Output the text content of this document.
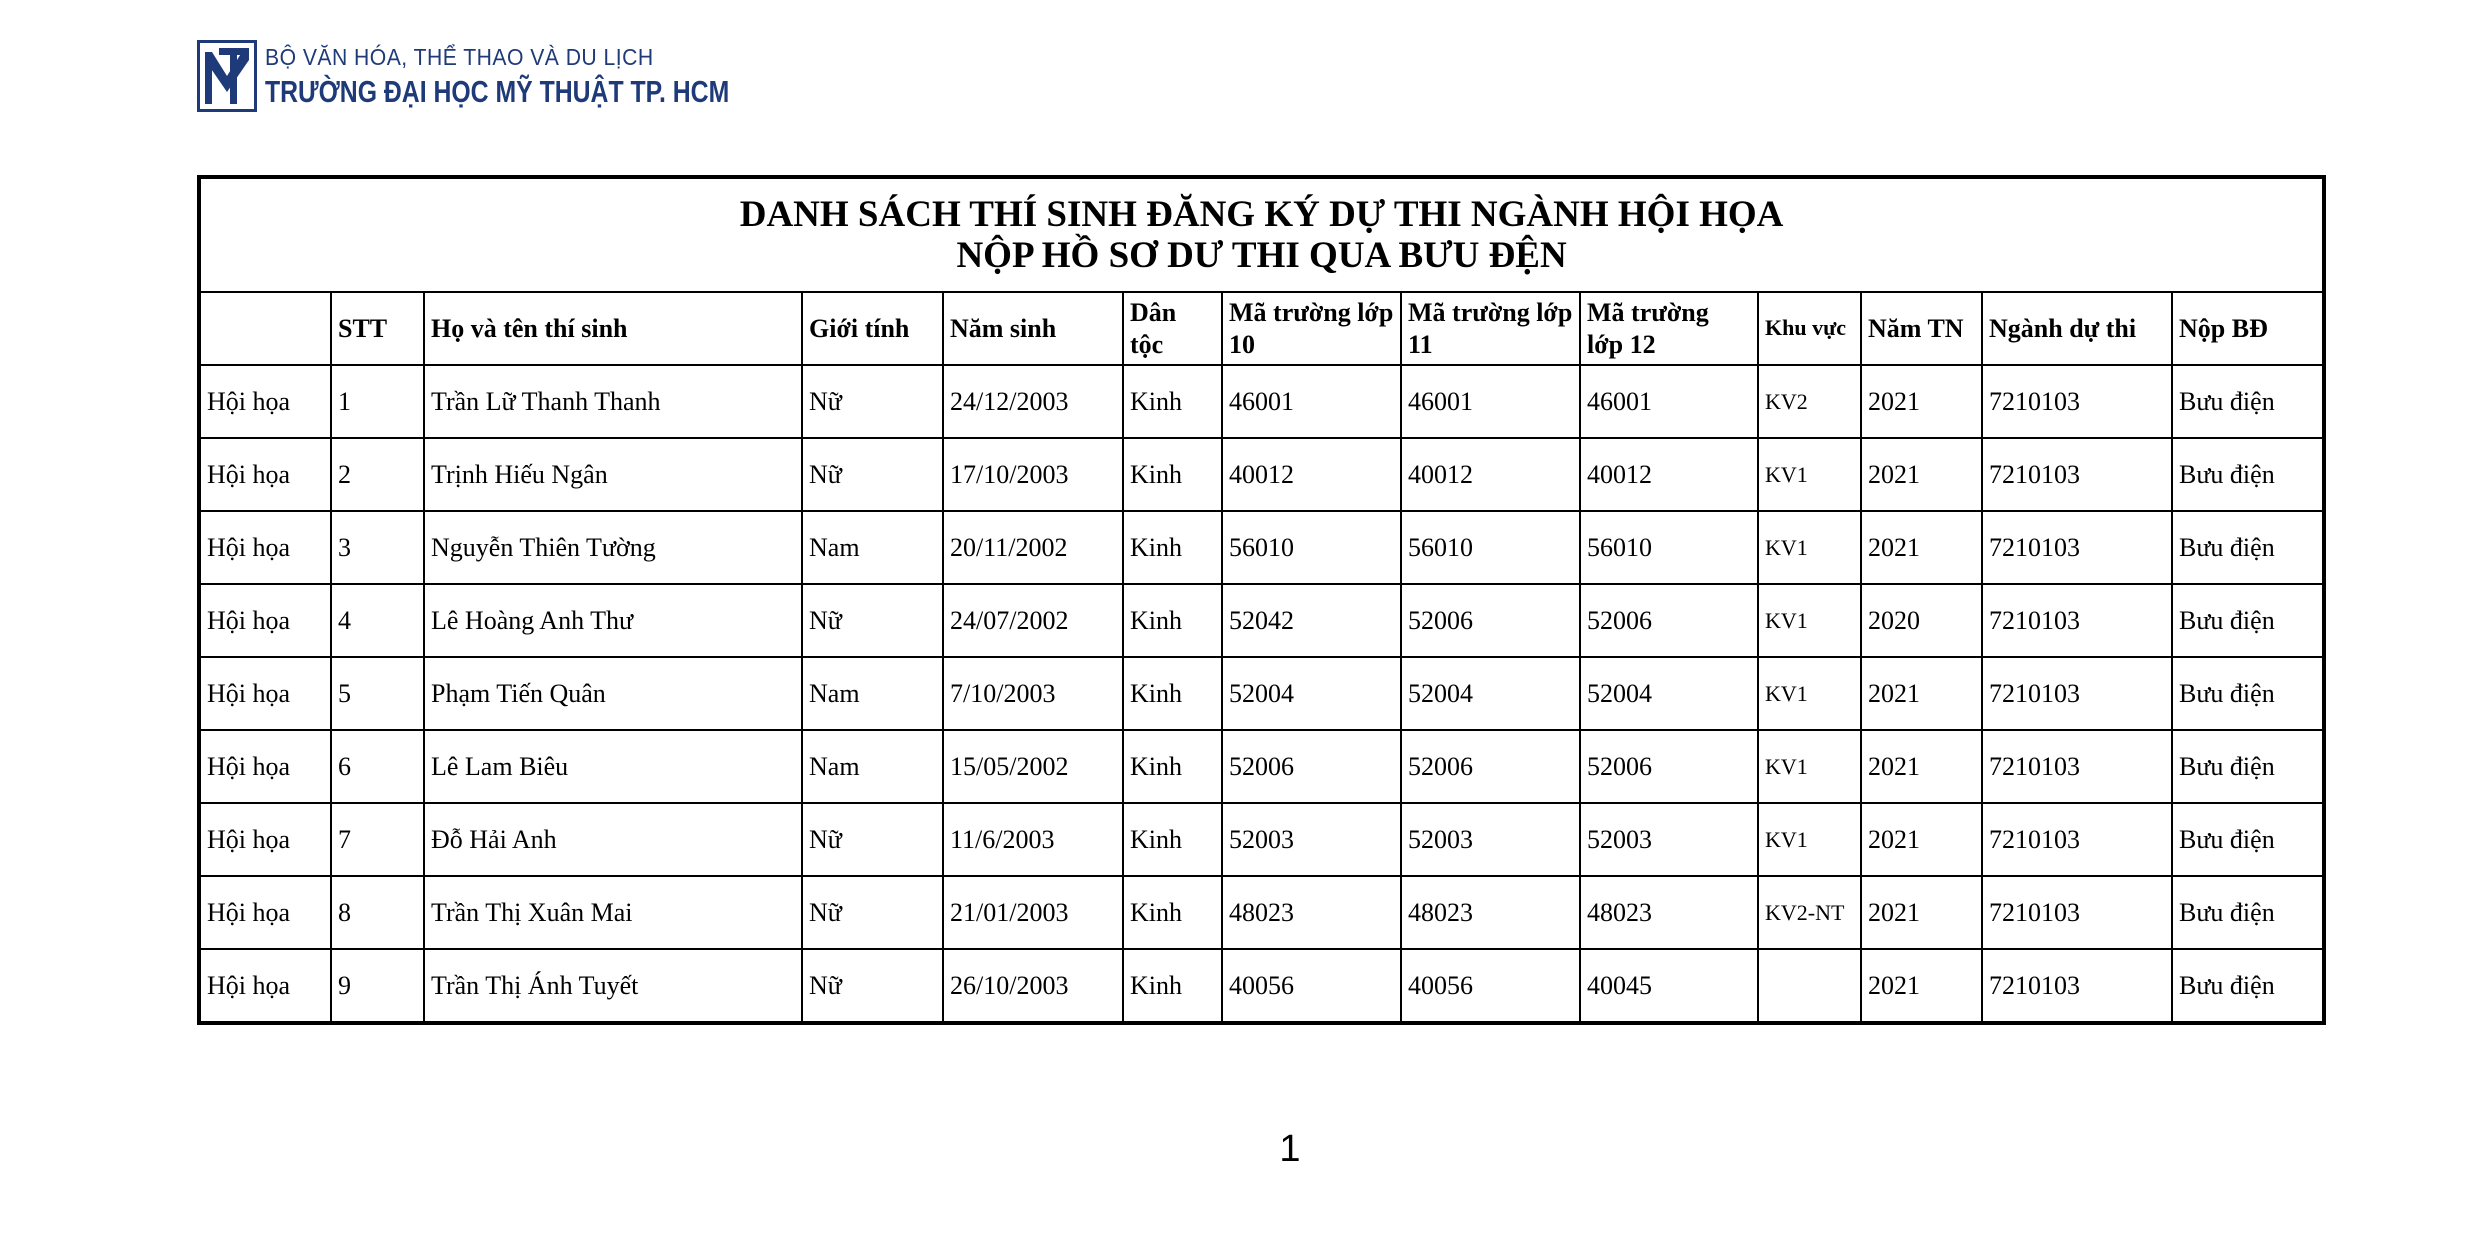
BỘ VĂN HÓA, THỂ THAO VÀ DU LỊCH
TRƯỜNG ĐẠI HỌC MỸ THUẬT TP. HCM
DANH SÁCH THÍ SINH ĐĂNG KÝ DỰ THI NGÀNH HỘI HỌA
NỘP HỒ SƠ DƯ THI QUA BƯU ĐỆN												

	STT	Họ và tên thí sinh	Giới tính	Năm sinh	Dân tộc	Mã trường lớp 10	Mã trường lớp 11	Mã trường lớp 12	Khu vực	Năm TN	Ngành dự thi	Nộp BĐ
Hội họa	1	Trần Lữ Thanh Thanh	Nữ	24/12/2003	Kinh	46001	46001	46001	KV2	2021	7210103	Bưu điện
Hội họa	2	Trịnh Hiếu Ngân	Nữ	17/10/2003	Kinh	40012	40012	40012	KV1	2021	7210103	Bưu điện
Hội họa	3	Nguyễn Thiên Tường	Nam	20/11/2002	Kinh	56010	56010	56010	KV1	2021	7210103	Bưu điện
Hội họa	4	Lê Hoàng Anh Thư	Nữ	24/07/2002	Kinh	52042	52006	52006	KV1	2020	7210103	Bưu điện
Hội họa	5	Phạm Tiến Quân	Nam	7/10/2003	Kinh	52004	52004	52004	KV1	2021	7210103	Bưu điện
Hội họa	6	Lê Lam Biêu	Nam	15/05/2002	Kinh	52006	52006	52006	KV1	2021	7210103	Bưu điện
Hội họa	7	Đỗ Hải Anh	Nữ	11/6/2003	Kinh	52003	52003	52003	KV1	2021	7210103	Bưu điện
Hội họa	8	Trần Thị Xuân Mai	Nữ	21/01/2003	Kinh	48023	48023	48023	KV2-NT	2021	7210103	Bưu điện
Hội họa	9	Trần Thị Ánh Tuyết	Nữ	26/10/2003	Kinh	40056	40056	40045		2021	7210103	Bưu điện
1
